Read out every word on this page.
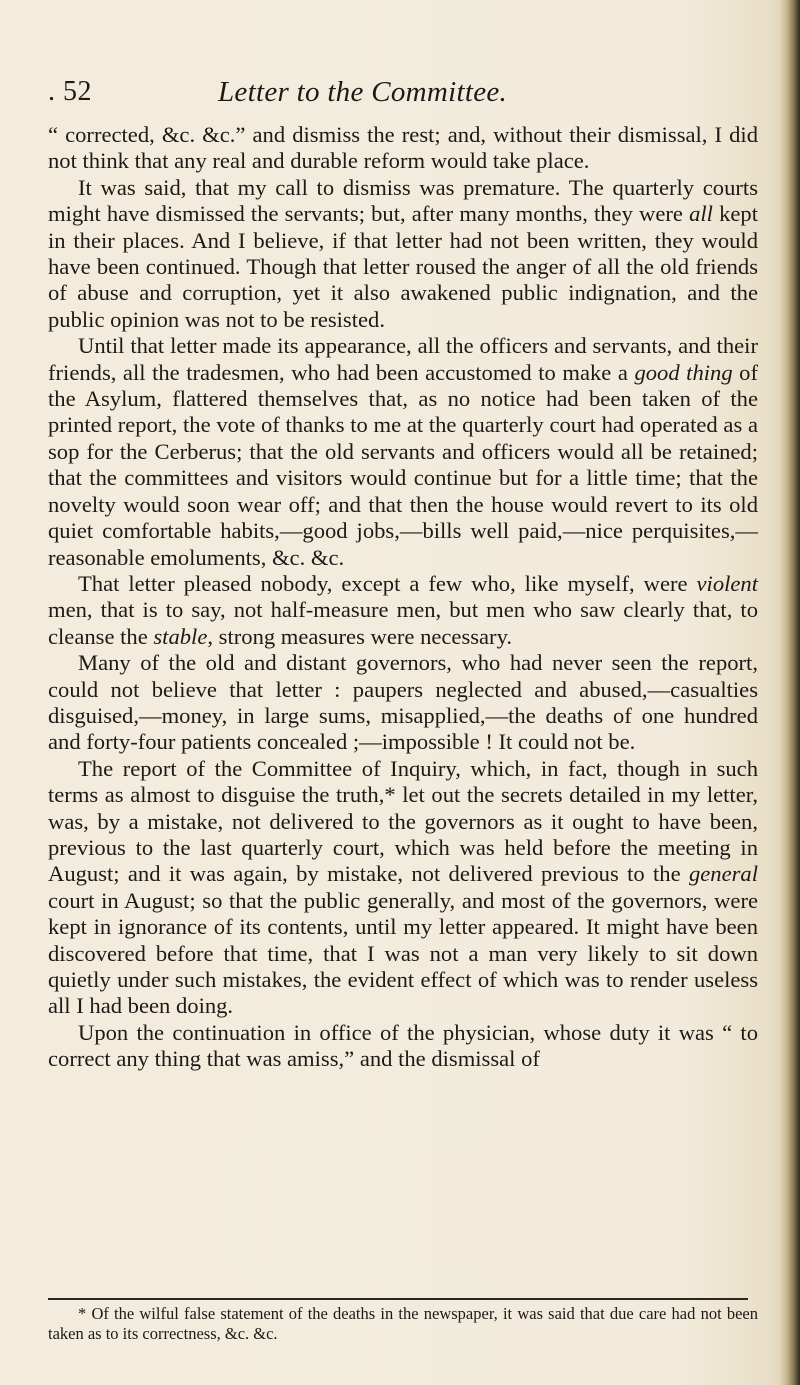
. 52	Letter to the Committee.

“ corrected, &c. &c.” and dismiss the rest; and, without their dismissal, I did not think that any real and durable reform would take place.

It was said, that my call to dismiss was premature. The quarterly courts might have dismissed the servants; but, after many months, they were all kept in their places. And I believe, if that letter had not been written, they would have been continued. Though that letter roused the anger of all the old friends of abuse and corruption, yet it also awakened public indignation, and the public opinion was not to be resisted.

Until that letter made its appearance, all the officers and servants, and their friends, all the tradesmen, who had been accustomed to make a good thing of the Asylum, flattered themselves that, as no notice had been taken of the printed report, the vote of thanks to me at the quarterly court had operated as a sop for the Cerberus; that the old servants and officers would all be retained; that the committees and visitors would continue but for a little time; that the novelty would soon wear off; and that then the house would revert to its old quiet comfortable habits,—good jobs,—bills well paid,—nice perquisites,—reasonable emoluments, &c. &c.

That letter pleased nobody, except a few who, like myself, were violent men, that is to say, not half-measure men, but men who saw clearly that, to cleanse the stable, strong measures were necessary.

Many of the old and distant governors, who had never seen the report, could not believe that letter : paupers neglected and abused,—casualties disguised,—money, in large sums, misapplied,—the deaths of one hundred and forty-four patients concealed ;—impossible ! It could not be.

The report of the Committee of Inquiry, which, in fact, though in such terms as almost to disguise the truth,* let out the secrets detailed in my letter, was, by a mistake, not delivered to the governors as it ought to have been, previous to the last quarterly court, which was held before the meeting in August; and it was again, by mistake, not delivered previous to the general court in August; so that the public generally, and most of the governors, were kept in ignorance of its contents, until my letter appeared. It might have been discovered before that time, that I was not a man very likely to sit down quietly under such mistakes, the evident effect of which was to render useless all I had been doing.

Upon the continuation in office of the physician, whose duty it was “ to correct any thing that was amiss,” and the dismissal of

* Of the wilful false statement of the deaths in the newspaper, it was said that due care had not been taken as to its correctness, &c. &c.
